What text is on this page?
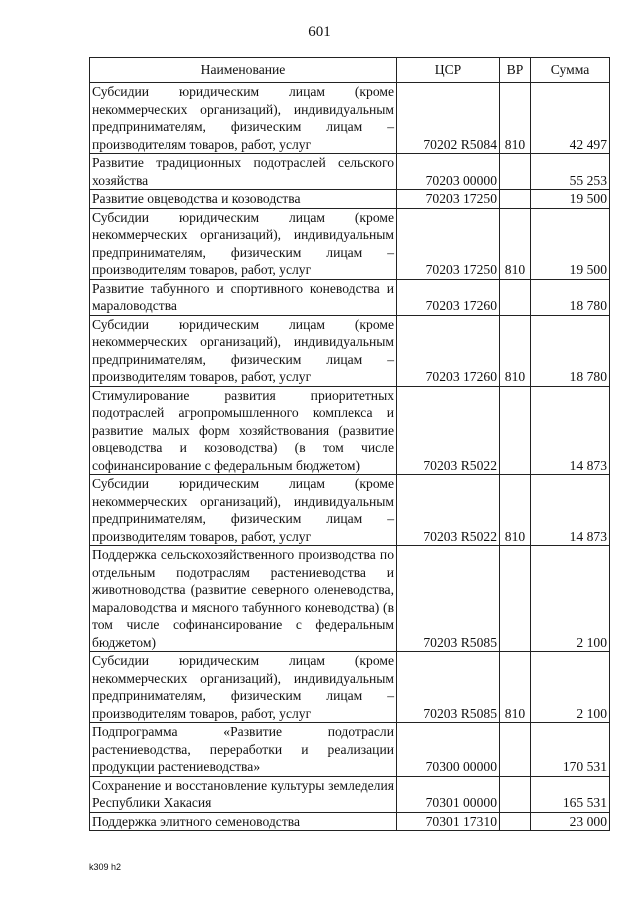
601
Наименование	ЦСР	ВР	Сумма
Субсидии юридическим лицам (кроме некоммерческих организаций), индивидуальным предпринимателям, физическим лицам – производителям товаров, работ, услуг	70202 R5084	810	42 497
Развитие традиционных подотраслей сельского хозяйства	70203 00000		55 253
Развитие овцеводства и козоводства	70203 17250		19 500
Субсидии юридическим лицам (кроме некоммерческих организаций), индивидуальным предпринимателям, физическим лицам – производителям товаров, работ, услуг	70203 17250	810	19 500
Развитие табунного и спортивного коневодства и мараловодства	70203 17260		18 780
Субсидии юридическим лицам (кроме некоммерческих организаций), индивидуальным предпринимателям, физическим лицам – производителям товаров, работ, услуг	70203 17260	810	18 780
Стимулирование развития приоритетных подотраслей агропромышленного комплекса и развитие малых форм хозяйствования (развитие овцеводства и козоводства) (в том числе софинансирование с федеральным бюджетом)	70203 R5022		14 873
Субсидии юридическим лицам (кроме некоммерческих организаций), индивидуальным предпринимателям, физическим лицам – производителям товаров, работ, услуг	70203 R5022	810	14 873
Поддержка сельскохозяйственного производства по отдельным подотраслям растениеводства и животноводства (развитие северного оленеводства, мараловодства и мясного табунного коневодства) (в том числе софинансирование с федеральным бюджетом)	70203 R5085		2 100
Субсидии юридическим лицам (кроме некоммерческих организаций), индивидуальным предпринимателям, физическим лицам – производителям товаров, работ, услуг	70203 R5085	810	2 100
Подпрограмма «Развитие подотрасли растениеводства, переработки и реализации продукции растениеводства»	70300 00000		170 531
Сохранение и восстановление культуры земледелия Республики Хакасия	70301 00000		165 531
Поддержка элитного семеноводства	70301 17310		23 000
k309 h2
